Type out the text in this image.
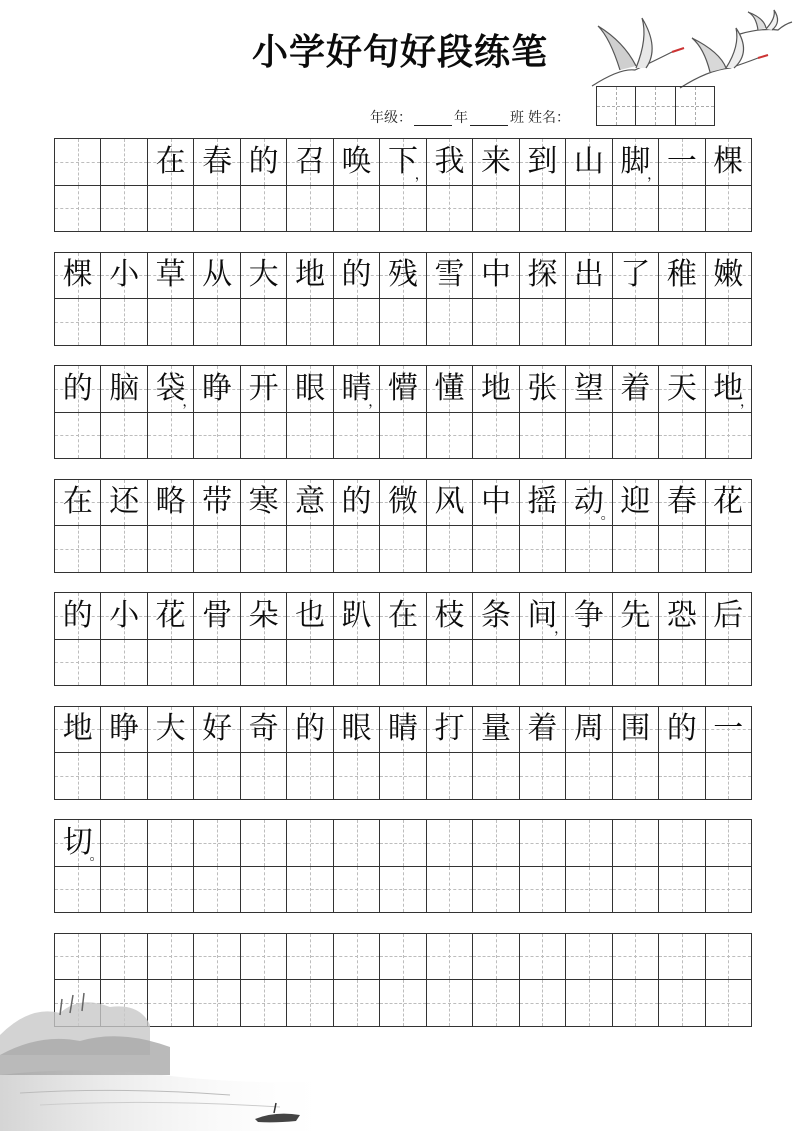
小学好句好段练笔
年级：	年	班 姓名：
在 春 的 召 唤 下
， 我 来 到 山 脚
， 一 棵
棵 小 草 从 大 地 的 残 雪 中 探 出 了 稚 嫩
的 脑 袋
， 睁 开 眼 睛
， 懵 懂 地 张 望 着 天 地
，
在 还 略 带 寒 意 的 微 风 中 摇 动
。 迎 春 花
的 小 花 骨 朵 也 趴 在 枝 条 间
， 争 先 恐 后
地 睁 大 好 奇 的 眼 睛 打 量 着 周 围 的 一
切
。
